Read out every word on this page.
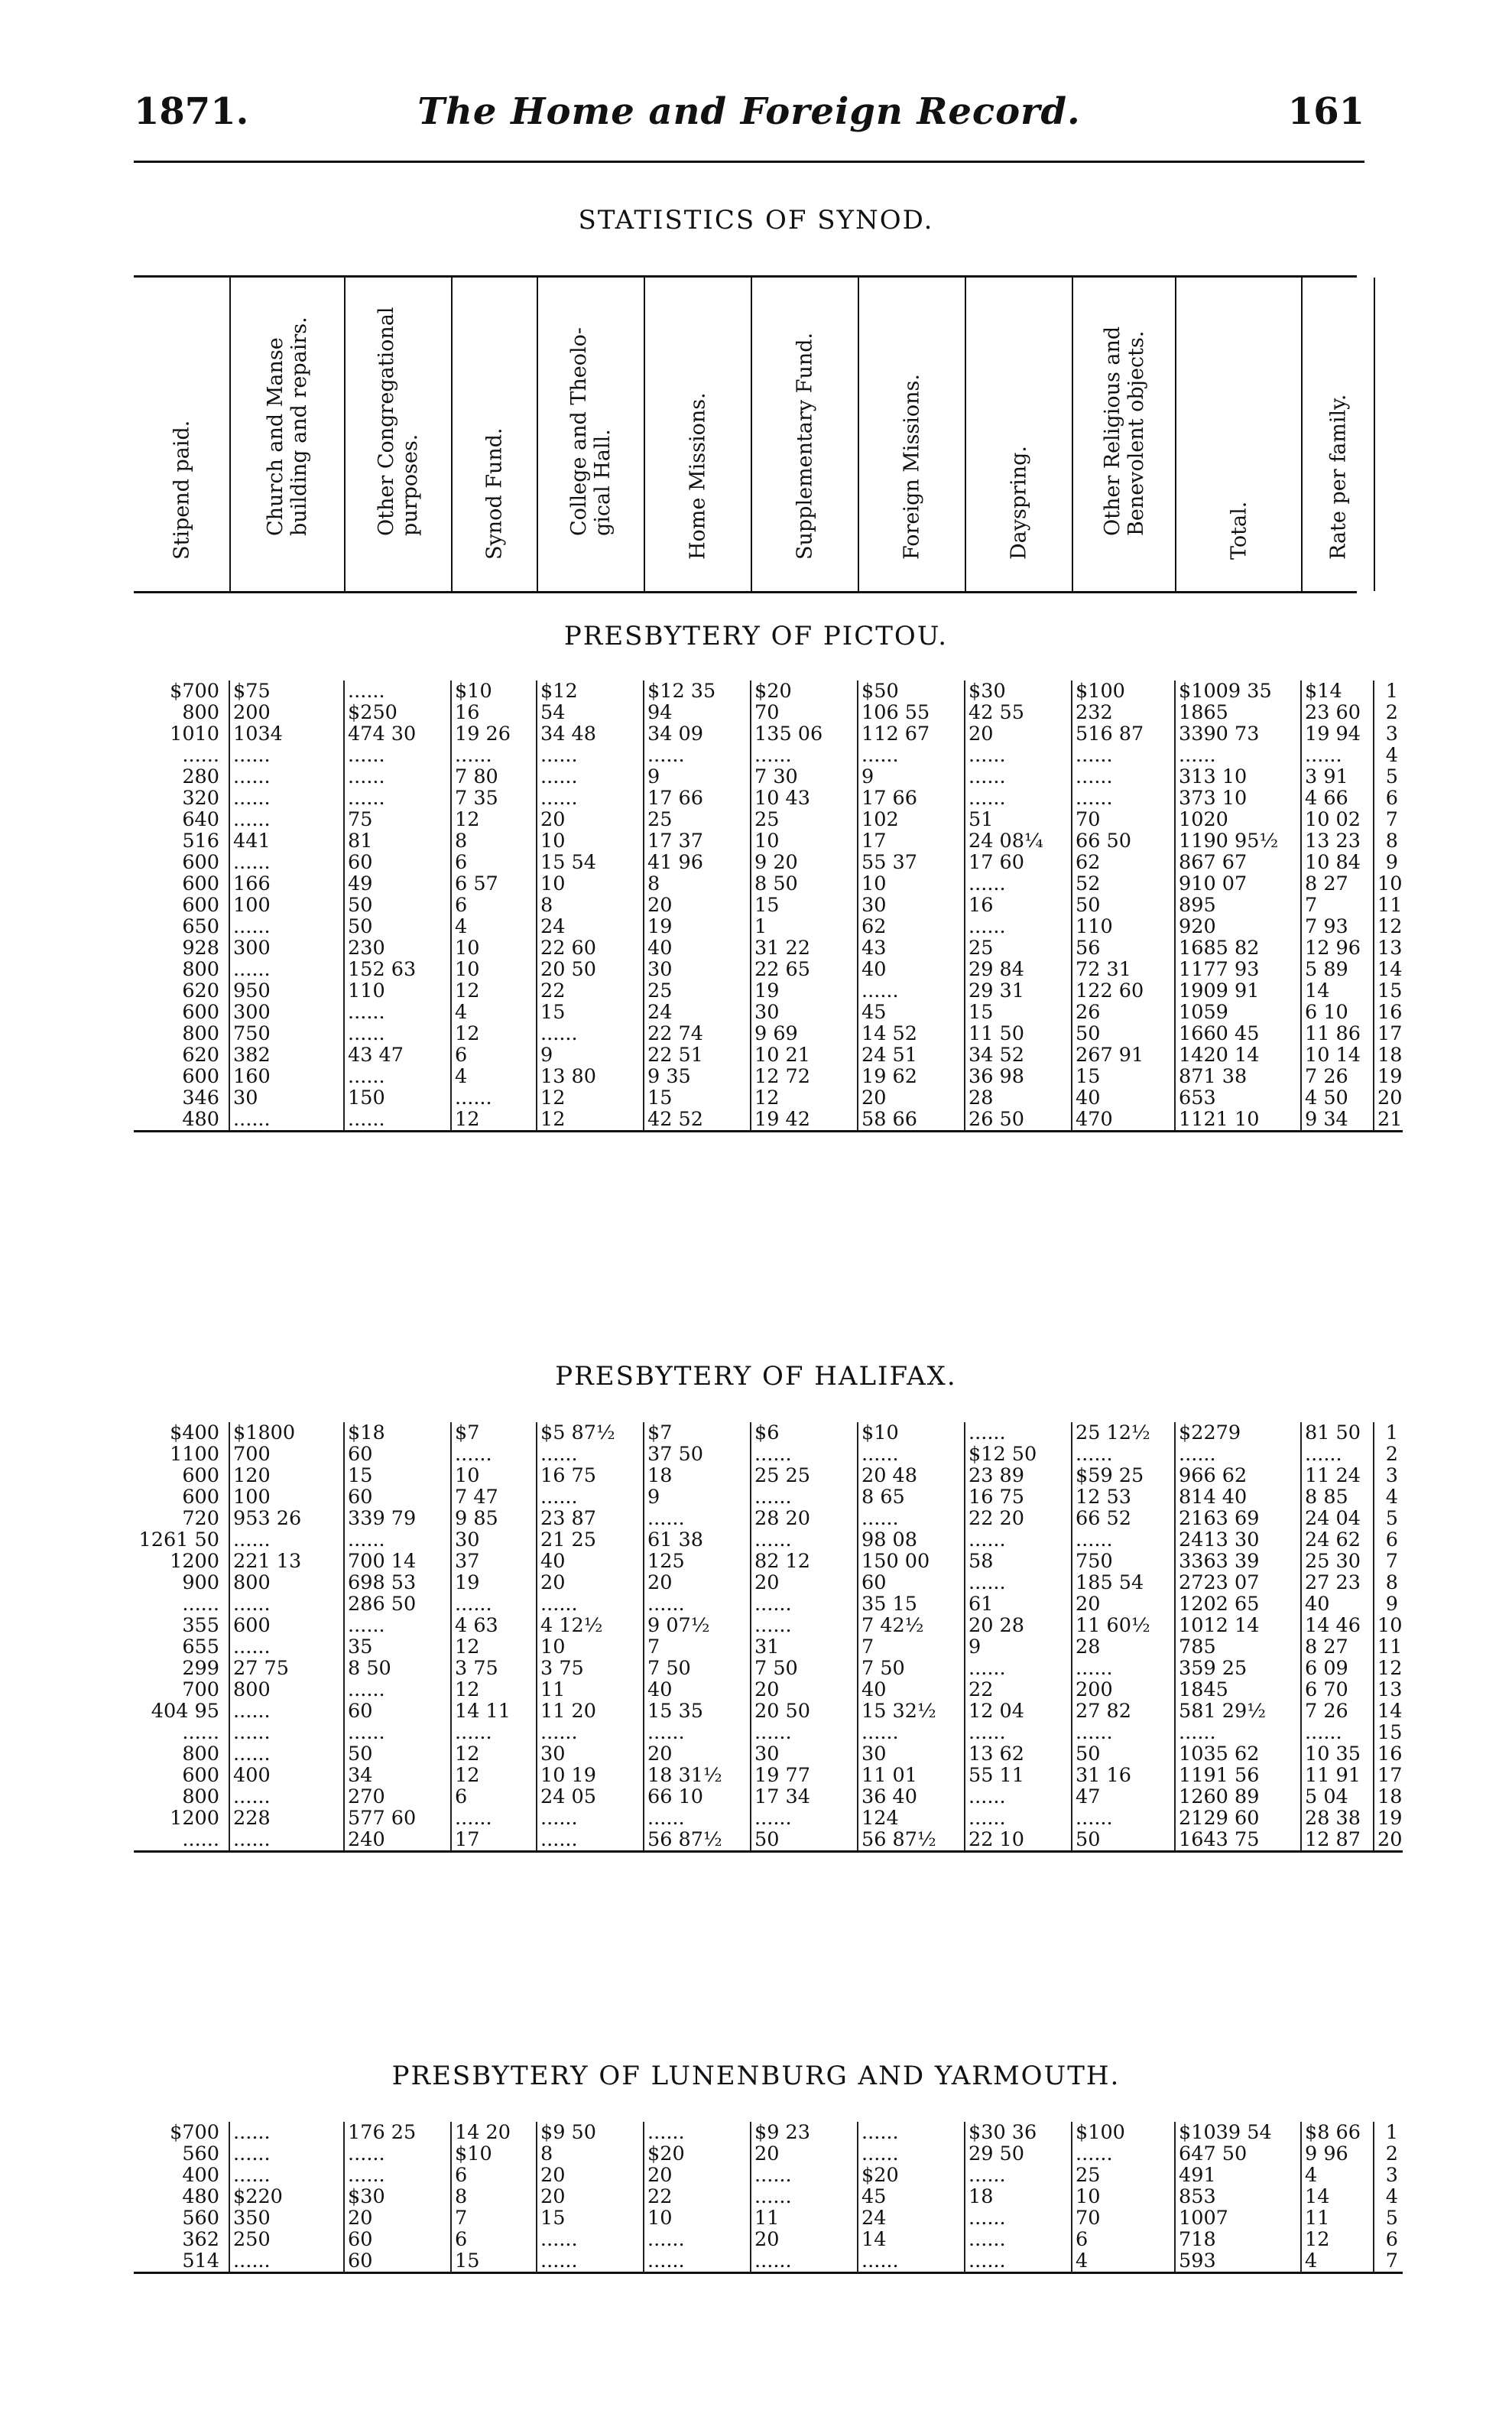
1871.	The Home and Foreign Record.	161
STATISTICS OF SYNOD.
Stipend paid.	Church and Manse
building and repairs.
Other Congregational
purposes.	Synod Fund.	College and Theolo-
gical Hall.	Home Missions.	Supplementary Fund.	Foreign Missions.	Dayspring.	Other Religious and
Benevolent objects.
Total.	Rate per family.
PRESBYTERY OF PICTOU.
$700	$75	......	$10	$12	$12 35	$20	$50	$30	$100	$1009 35	$14	1
800	200	$250	16	54	94	70	106 55	42 55	232	1865	23 60	2
1010	1034	474 30	19 26	34 48	34 09	135 06	112 67	20	516 87	3390 73	19 94	3
......	......	......	......	......	......	......	......	......	......	......	......	4
280	......	......	7 80	......	9	7 30	9	......	......	313 10	3 91	5
320	......	......	7 35	......	17 66	10 43	17 66	......	......	373 10	4 66	6
640	......	75	12	20	25	25	102	51	70	1020	10 02	7
516	441	81	8	10	17 37	10	17	24 08¼	66 50	1190 95½	13 23	8
600	......	60	6	15 54	41 96	9 20	55 37	17 60	62	867 67	10 84	9
600	166	49	6 57	10	8	8 50	10	......	52	910 07	8 27	10
600	100	50	6	8	20	15	30	16	50	895	7	11
650	......	50	4	24	19	1	62	......	110	920	7 93	12
928	300	230	10	22 60	40	31 22	43	25	56	1685 82	12 96	13
800	......	152 63	10	20 50	30	22 65	40	29 84	72 31	1177 93	5 89	14
620	950	110	12	22	25	19	......	29 31	122 60	1909 91	14	15
600	300	......	4	15	24	30	45	15	26	1059	6 10	16
800	750	......	12	......	22 74	9 69	14 52	11 50	50	1660 45	11 86	17
620	382	43 47	6	9	22 51	10 21	24 51	34 52	267 91	1420 14	10 14	18
600	160	......	4	13 80	9 35	12 72	19 62	36 98	15	871 38	7 26	19
346	30	150	......	12	15	12	20	28	40	653	4 50	20
480	......	......	12	12	42 52	19 42	58 66	26 50	470	1121 10	9 34	21
PRESBYTERY OF HALIFAX.
$400	$1800	$18	$7	$5 87½	$7	$6	$10	......	25 12½	$2279	81 50	1
1100	700	60	......	......	37 50	......	......	$12 50	......	......	......	2
600	120	15	10	16 75	18	25 25	20 48	23 89	$59 25	966 62	11 24	3
600	100	60	7 47	......	9	......	8 65	16 75	12 53	814 40	8 85	4
720	953 26	339 79	9 85	23 87	......	28 20	......	22 20	66 52	2163 69	24 04	5
1261 50	......	......	30	21 25	61 38	......	98 08	......	......	2413 30	24 62	6
1200	221 13	700 14	37	40	125	82 12	150 00	58	750	3363 39	25 30	7
900	800	698 53	19	20	20	20	60	......	185 54	2723 07	27 23	8
......	......	286 50	......	......	......	......	35 15	61	20	1202 65	40	9
355	600	......	4 63	4 12½	9 07½	......	7 42½	20 28	11 60½	1012 14	14 46	10
655	......	35	12	10	7	31	7	9	28	785	8 27	11
299	27 75	8 50	3 75	3 75	7 50	7 50	7 50	......	......	359 25	6 09	12
700	800	......	12	11	40	20	40	22	200	1845	6 70	13
404 95	......	60	14 11	11 20	15 35	20 50	15 32½	12 04	27 82	581 29½	7 26	14
......	......	......	......	......	......	......	......	......	......	......	......	15
800	......	50	12	30	20	30	30	13 62	50	1035 62	10 35	16
600	400	34	12	10 19	18 31½	19 77	11 01	55 11	31 16	1191 56	11 91	17
800	......	270	6	24 05	66 10	17 34	36 40	......	47	1260 89	5 04	18
1200	228	577 60	......	......	......	......	124	......	......	2129 60	28 38	19
......	......	240	17	......	56 87½	50	56 87½	22 10	50	1643 75	12 87	20
PRESBYTERY OF LUNENBURG AND YARMOUTH.
$700	......	176 25	14 20	$9 50	......	$9 23	......	$30 36	$100	$1039 54	$8 66	1
560	......	......	$10	8	$20	20	......	29 50	......	647 50	9 96	2
400	......	......	6	20	20	......	$20	......	25	491	4	3
480	$220	$30	8	20	22	......	45	18	10	853	14	4
560	350	20	7	15	10	11	24	......	70	1007	11	5
362	250	60	6	......	......	20	14	......	6	718	12	6
514	......	60	15	......	......	......	......	......	4	593	4	7
